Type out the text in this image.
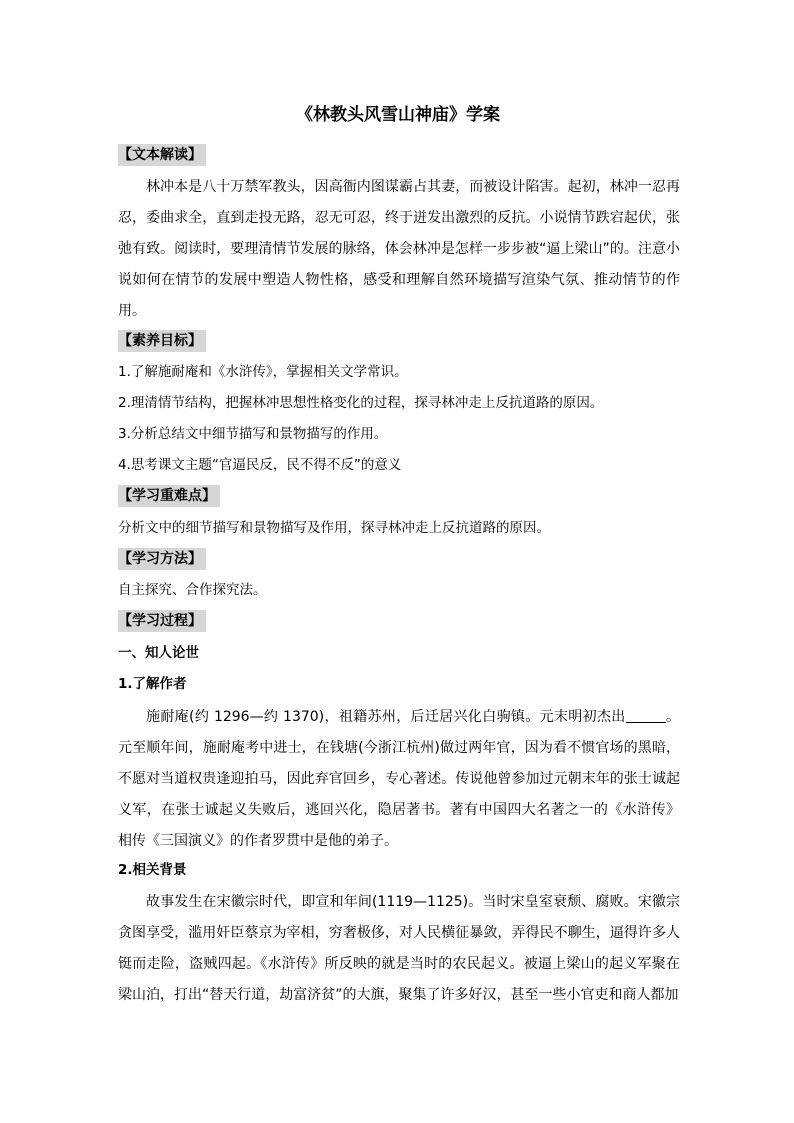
《林教头风雪山神庙》学案
【文本解读】
林冲本是八十万禁军教头，因高衙内图谋霸占其妻，而被设计陷害。起初，林冲一忍再忍，委曲求全，直到走投无路，忍无可忍，终于迸发出激烈的反抗。小说情节跌宕起伏，张弛有致。阅读时，要理清情节发展的脉络，体会林冲是怎样一步步被“逼上梁山”的。注意小说如何在情节的发展中塑造人物性格，感受和理解自然环境描写渲染气氛、推动情节的作用。
【素养目标】
1.了解施耐庵和《水浒传》，掌握相关文学常识。
2.理清情节结构，把握林冲思想性格变化的过程，探寻林冲走上反抗道路的原因。
3.分析总结文中细节描写和景物描写的作用。
4.思考课文主题“官逼民反，民不得不反”的意义
【学习重难点】
分析文中的细节描写和景物描写及作用，探寻林冲走上反抗道路的原因。
【学习方法】
自主探究、合作探究法。
【学习过程】
一、知人论世
1.了解作者
施耐庵(约 1296—约 1370)，祖籍苏州，后迁居兴化白驹镇。元末明初杰出	。元至顺年间，施耐庵考中进士，在钱塘(今浙江杭州)做过两年官，因为看不惯官场的黑暗，不愿对当道权贵逢迎拍马，因此弃官回乡，专心著述。传说他曾参加过元朝末年的张士诚起义军，在张士诚起义失败后，逃回兴化，隐居著书。著有中国四大名著之一的《水浒传》 相传《三国演义》的作者罗贯中是他的弟子。
2.相关背景
故事发生在宋徽宗时代，即宣和年间(1119—1125)。当时宋皇室衰颓、腐败。宋徽宗贪图享受，滥用奸臣蔡京为宰相，穷奢极侈，对人民横征暴敛，弄得民不聊生，逼得许多人铤而走险，盗贼四起。《水浒传》所反映的就是当时的农民起义。被逼上梁山的起义军聚在梁山泊，打出“替天行道，劫富济贫”的大旗，聚集了许多好汉，甚至一些小官吏和商人都加
